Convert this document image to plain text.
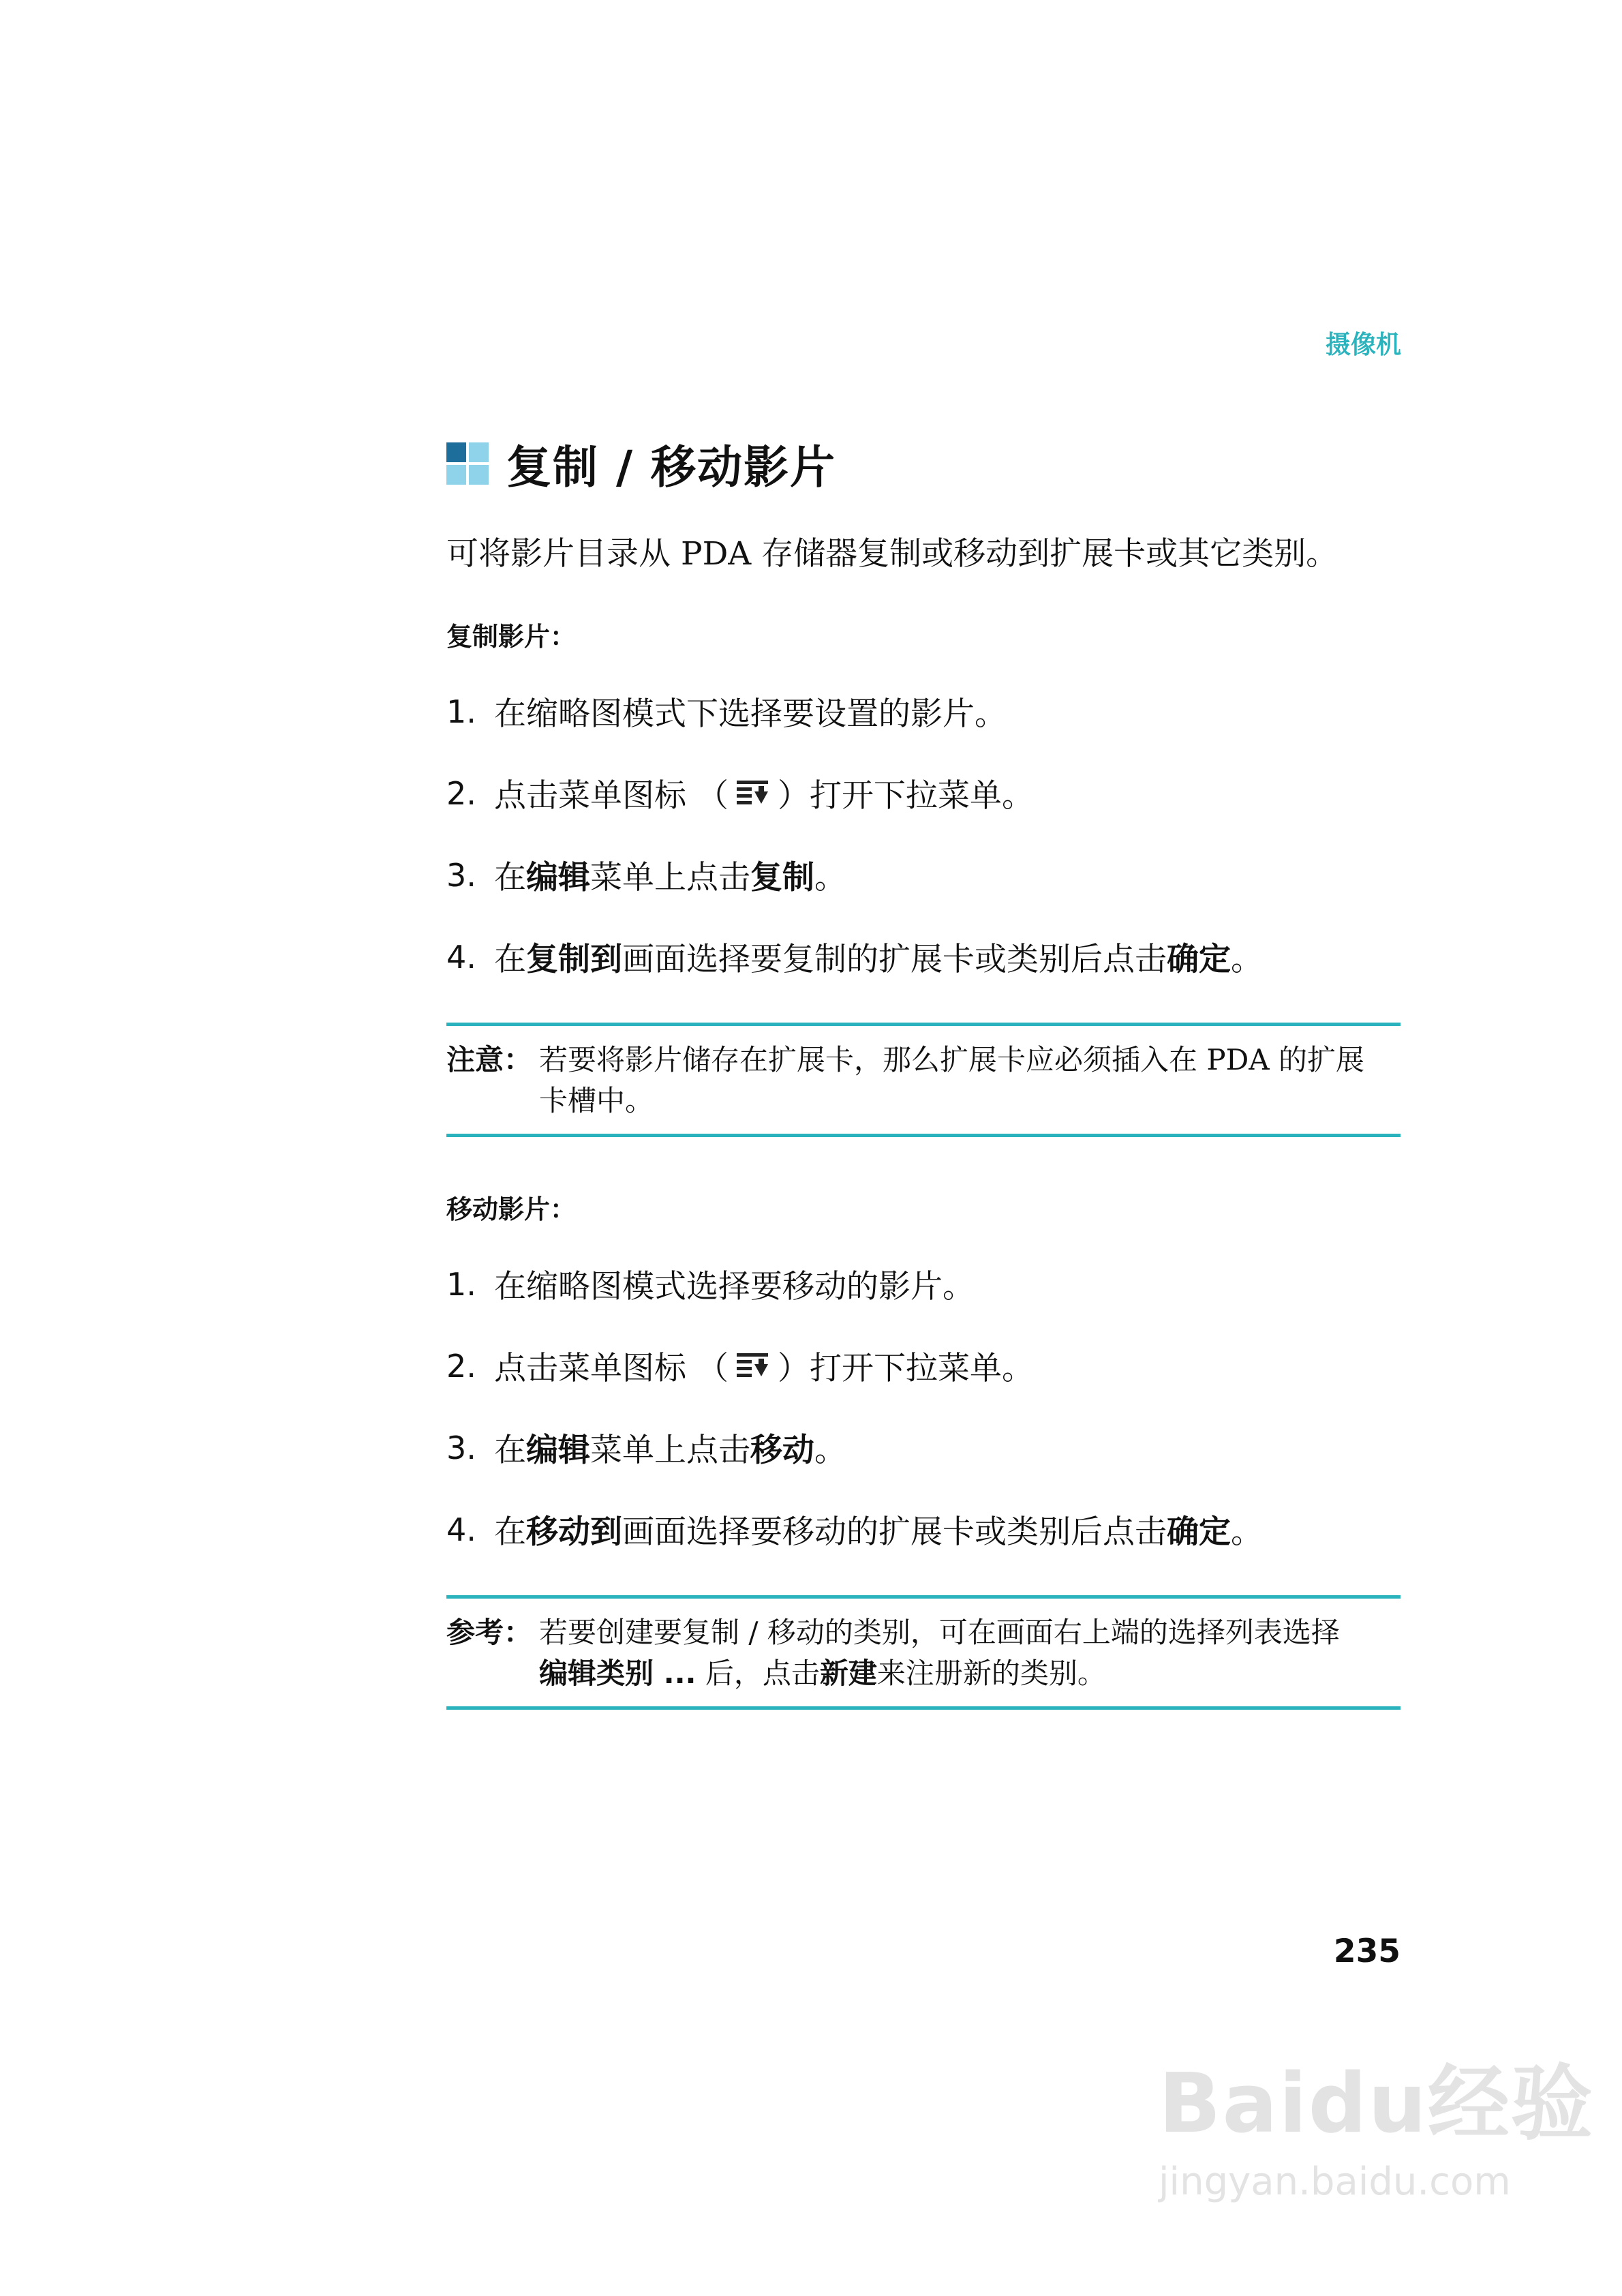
摄像机
复制 / 移动影片
可将影片目录从 PDA 存储器复制或移动到扩展卡或其它类别。
复制影片：
1. 在缩略图模式下选择要设置的影片。
2. 点击菜单图标 （ ）打开下拉菜单。
3. 在 编辑 菜单上点击 复制 。
4. 在 复制到 画面选择要复制的扩展卡或类别后点击 确定 。
注意： 若要将影片储存在扩展卡，那么扩展卡应必须插入在 PDA 的扩展
卡槽中。
移动影片：
1. 在缩略图模式选择要移动的影片。
2. 点击菜单图标 （ ）打开下拉菜单。
3. 在 编辑 菜单上点击 移动 。
4. 在 移动到 画面选择要移动的扩展卡或类别后点击 确定 。
参考： 若要创建要复制 / 移动的类别，可在画面右上端的选择列表选择
编辑类别 ... 后，点击新建来注册新的类别。
235
Baidu经验
jingyan.baidu.com
